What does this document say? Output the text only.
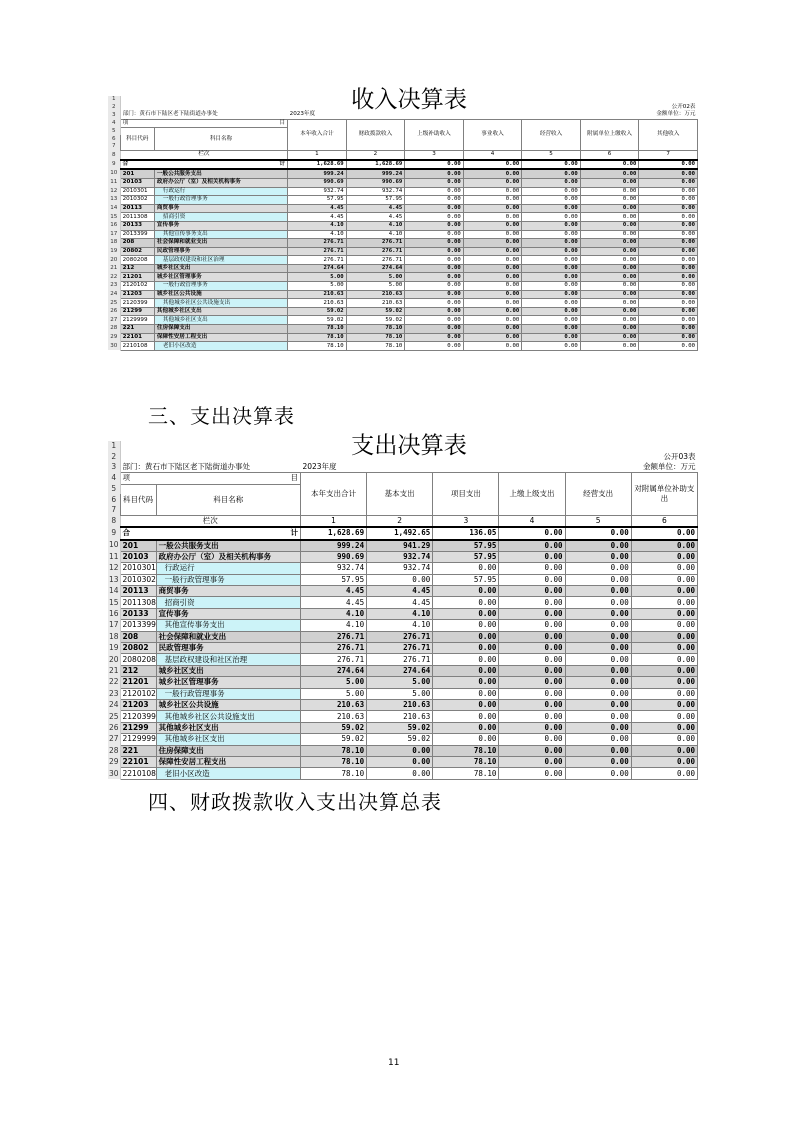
1	收入决算表								
2	公开02表								
3	部门：黄石市下陆区老下陆街道办事处		2023年度		金额单位：万元				
4	项 目		本年收入合计	财政拨款收入	上级补助收入	事业收入	经营收入	附属单位上缴收入	其他收入
5	科目代码	科目名称							
6									
7									
8	栏次		1	2	3	4	5	6	7
9	合 计		1,628.69	1,628.69	0.00	0.00	0.00	0.00	0.00
10	201	一般公共服务支出	999.24	999.24	0.00	0.00	0.00	0.00	0.00
11	20103	政府办公厅（室）及相关机构事务	990.69	990.69	0.00	0.00	0.00	0.00	0.00
12	2010301	行政运行	932.74	932.74	0.00	0.00	0.00	0.00	0.00
13	2010302	一般行政管理事务	57.95	57.95	0.00	0.00	0.00	0.00	0.00
14	20113	商贸事务	4.45	4.45	0.00	0.00	0.00	0.00	0.00
15	2011308	招商引资	4.45	4.45	0.00	0.00	0.00	0.00	0.00
16	20133	宣传事务	4.10	4.10	0.00	0.00	0.00	0.00	0.00
17	2013399	其他宣传事务支出	4.10	4.10	0.00	0.00	0.00	0.00	0.00
18	208	社会保障和就业支出	276.71	276.71	0.00	0.00	0.00	0.00	0.00
19	20802	民政管理事务	276.71	276.71	0.00	0.00	0.00	0.00	0.00
20	2080208	基层政权建设和社区治理	276.71	276.71	0.00	0.00	0.00	0.00	0.00
21	212	城乡社区支出	274.64	274.64	0.00	0.00	0.00	0.00	0.00
22	21201	城乡社区管理事务	5.00	5.00	0.00	0.00	0.00	0.00	0.00
23	2120102	一般行政管理事务	5.00	5.00	0.00	0.00	0.00	0.00	0.00
24	21203	城乡社区公共设施	210.63	210.63	0.00	0.00	0.00	0.00	0.00
25	2120399	其他城乡社区公共设施支出	210.63	210.63	0.00	0.00	0.00	0.00	0.00
26	21299	其他城乡社区支出	59.02	59.02	0.00	0.00	0.00	0.00	0.00
27	2129999	其他城乡社区支出	59.02	59.02	0.00	0.00	0.00	0.00	0.00
28	221	住房保障支出	78.10	78.10	0.00	0.00	0.00	0.00	0.00
29	22101	保障性安居工程支出	78.10	78.10	0.00	0.00	0.00	0.00	0.00
30	2210108	老旧小区改造	78.10	78.10	0.00	0.00	0.00	0.00	0.00
三、支出决算表
1	支出决算表							
2	公开03表							
3	部门：黄石市下陆区老下陆街道办事处		2023年度		金额单位：万元			
4	项 目		本年支出合计	基本支出	项目支出	上缴上级支出	经营支出	对附属单位补助支出
5	科目代码	科目名称						
6								
7								
8	栏次		1	2	3	4	5	6
9	合 计		1,628.69	1,492.65	136.05	0.00	0.00	0.00
10	201	一般公共服务支出	999.24	941.29	57.95	0.00	0.00	0.00
11	20103	政府办公厅（室）及相关机构事务	990.69	932.74	57.95	0.00	0.00	0.00
12	2010301	行政运行	932.74	932.74	0.00	0.00	0.00	0.00
13	2010302	一般行政管理事务	57.95	0.00	57.95	0.00	0.00	0.00
14	20113	商贸事务	4.45	4.45	0.00	0.00	0.00	0.00
15	2011308	招商引资	4.45	4.45	0.00	0.00	0.00	0.00
16	20133	宣传事务	4.10	4.10	0.00	0.00	0.00	0.00
17	2013399	其他宣传事务支出	4.10	4.10	0.00	0.00	0.00	0.00
18	208	社会保障和就业支出	276.71	276.71	0.00	0.00	0.00	0.00
19	20802	民政管理事务	276.71	276.71	0.00	0.00	0.00	0.00
20	2080208	基层政权建设和社区治理	276.71	276.71	0.00	0.00	0.00	0.00
21	212	城乡社区支出	274.64	274.64	0.00	0.00	0.00	0.00
22	21201	城乡社区管理事务	5.00	5.00	0.00	0.00	0.00	0.00
23	2120102	一般行政管理事务	5.00	5.00	0.00	0.00	0.00	0.00
24	21203	城乡社区公共设施	210.63	210.63	0.00	0.00	0.00	0.00
25	2120399	其他城乡社区公共设施支出	210.63	210.63	0.00	0.00	0.00	0.00
26	21299	其他城乡社区支出	59.02	59.02	0.00	0.00	0.00	0.00
27	2129999	其他城乡社区支出	59.02	59.02	0.00	0.00	0.00	0.00
28	221	住房保障支出	78.10	0.00	78.10	0.00	0.00	0.00
29	22101	保障性安居工程支出	78.10	0.00	78.10	0.00	0.00	0.00
30	2210108	老旧小区改造	78.10	0.00	78.10	0.00	0.00	0.00
四、财政拨款收入支出决算总表
11
